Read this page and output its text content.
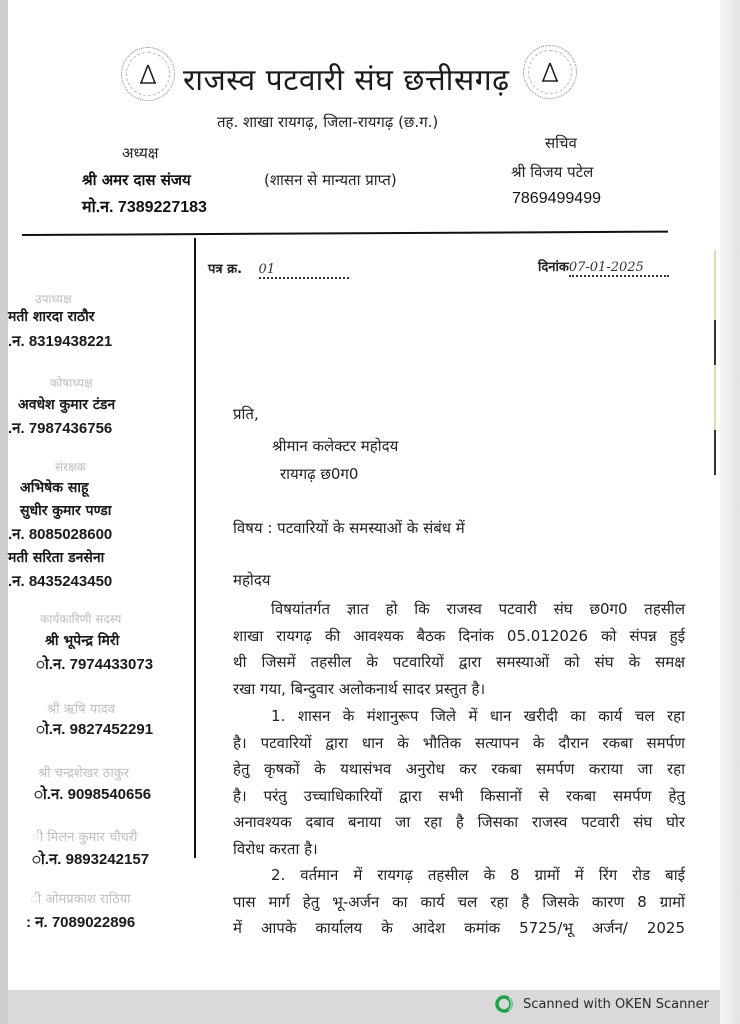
राजस्व पटवारी संघ छत्तीसगढ़
तह. शाखा रायगढ़, जिला-रायगढ़ (छ.ग.)
अध्यक्ष
श्री अमर दास संजय
मो.न. 7389227183
(शासन से मान्यता प्राप्त)
सचिव
श्री विजय पटेल
7869499499
उपाध्यक्ष
मती शारदा राठौर
.न. 8319438221
कोषाध्यक्ष
अवधेश कुमार टंडन
.न. 7987436756
संरक्षक
अभिषेक साहू
सुधीर कुमार पण्डा
.न. 8085028600
मती सरिता डनसेना
.न. 8435243450
कार्यकारिणी सदस्य
श्री भूपेन्द्र मिरी
ो.न. 7974433073
श्री ऋषि यादव
ो.न. 9827452291
श्री चन्द्रशेखर ठाकुर
ो.न. 9098540656
ी मिलन कुमार चौधरी
ो.न. 9893242157
ी ओमप्रकाश राठिया
: न. 7089022896
पत्र क्र. 01	दिनांक07-01-2025
प्रति,
श्रीमान कलेक्टर महोदय
रायगढ़ छ0ग0
विषय : पटवारियों के समस्याओं के संबंध में
महोदय
विषयांतर्गत ज्ञात हो कि राजस्व पटवारी संघ छ0ग0 तहसील
शाखा रायगढ़ की आवश्यक बैठक दिनांक 05.012026 को संपन्न हुई
थी जिसमें तहसील के पटवारियों द्वारा समस्याओं को संघ के समक्ष
रखा गया, बिन्दुवार अलोकनार्थ सादर प्रस्तुत है।
1. शासन के मंशानुरूप जिले में धान खरीदी का कार्य चल रहा
है। पटवारियों द्वारा धान के भौतिक सत्यापन के दौरान रकबा समर्पण
हेतु कृषकों के यथासंभव अनुरोध कर रकबा समर्पण कराया जा रहा
है। परंतु उच्चाधिकारियों द्वारा सभी किसानों से रकबा समर्पण हेतु
अनावश्यक दबाव बनाया जा रहा है जिसका राजस्व पटवारी संघ घोर
विरोध करता है।
2. वर्तमान में रायगढ़ तहसील के 8 ग्रामों में रिंग रोड बाई
पास मार्ग हेतु भू-अर्जन का कार्य चल रहा है जिसके कारण 8 ग्रामों
में आपके कार्यालय के आदेश कमांक 5725/भू अर्जन/ 2025
Scanned with OKEN Scanner
